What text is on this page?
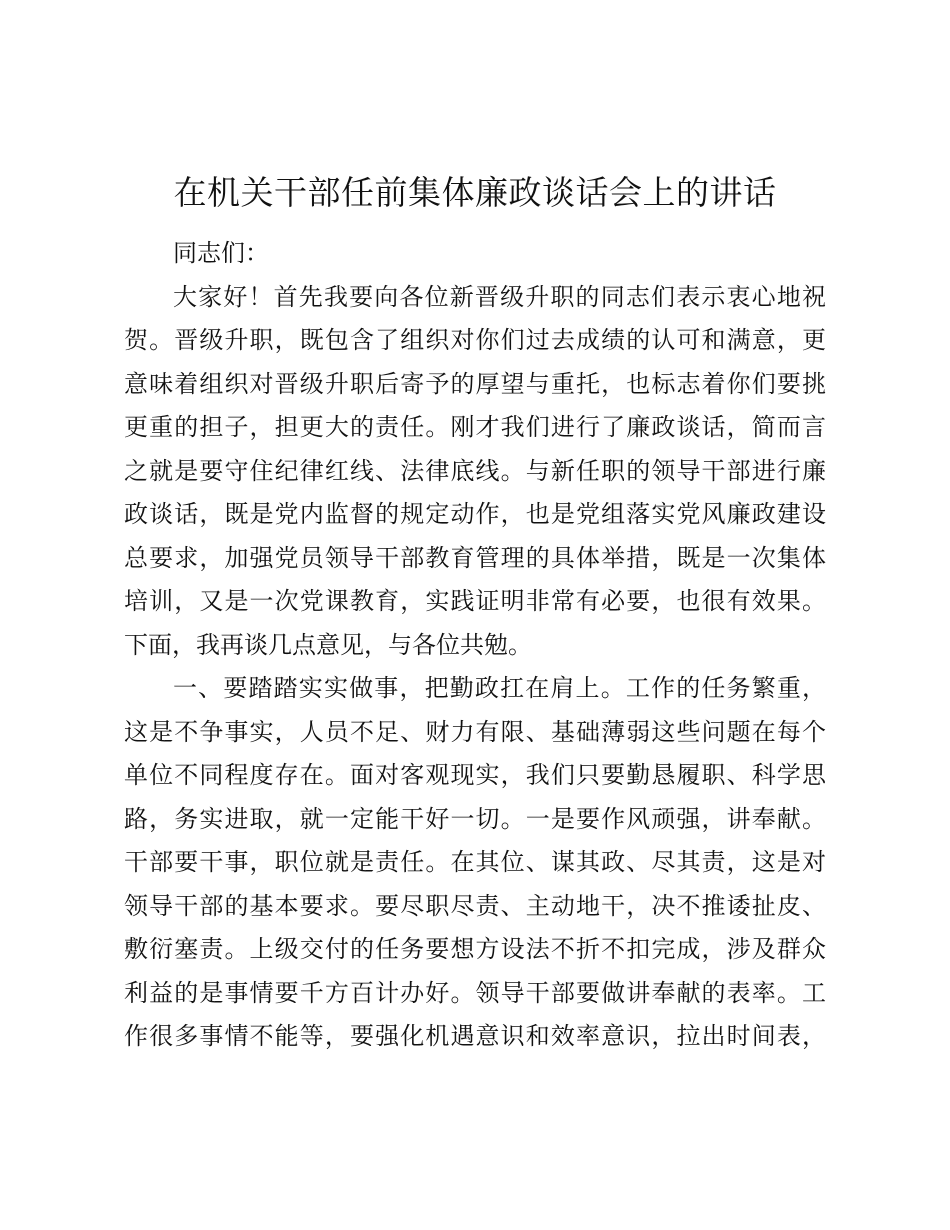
在机关干部任前集体廉政谈话会上的讲话
同志们：
大家好！首先我要向各位新晋级升职的同志们表示衷心地祝
贺。晋级升职，既包含了组织对你们过去成绩的认可和满意，更
意味着组织对晋级升职后寄予的厚望与重托，也标志着你们要挑
更重的担子，担更大的责任。刚才我们进行了廉政谈话，简而言
之就是要守住纪律红线、法律底线。与新任职的领导干部进行廉
政谈话，既是党内监督的规定动作，也是党组落实党风廉政建设
总要求，加强党员领导干部教育管理的具体举措，既是一次集体
培训，又是一次党课教育，实践证明非常有必要，也很有效果。
下面，我再谈几点意见，与各位共勉。
一、要踏踏实实做事，把勤政扛在肩上。工作的任务繁重，
这是不争事实，人员不足、财力有限、基础薄弱这些问题在每个
单位不同程度存在。面对客观现实，我们只要勤恳履职、科学思
路，务实进取，就一定能干好一切。一是要作风顽强，讲奉献。
干部要干事，职位就是责任。在其位、谋其政、尽其责，这是对
领导干部的基本要求。要尽职尽责、主动地干，决不推诿扯皮、
敷衍塞责。上级交付的任务要想方设法不折不扣完成，涉及群众
利益的是事情要千方百计办好。领导干部要做讲奉献的表率。工
作很多事情不能等，要强化机遇意识和效率意识，拉出时间表，
